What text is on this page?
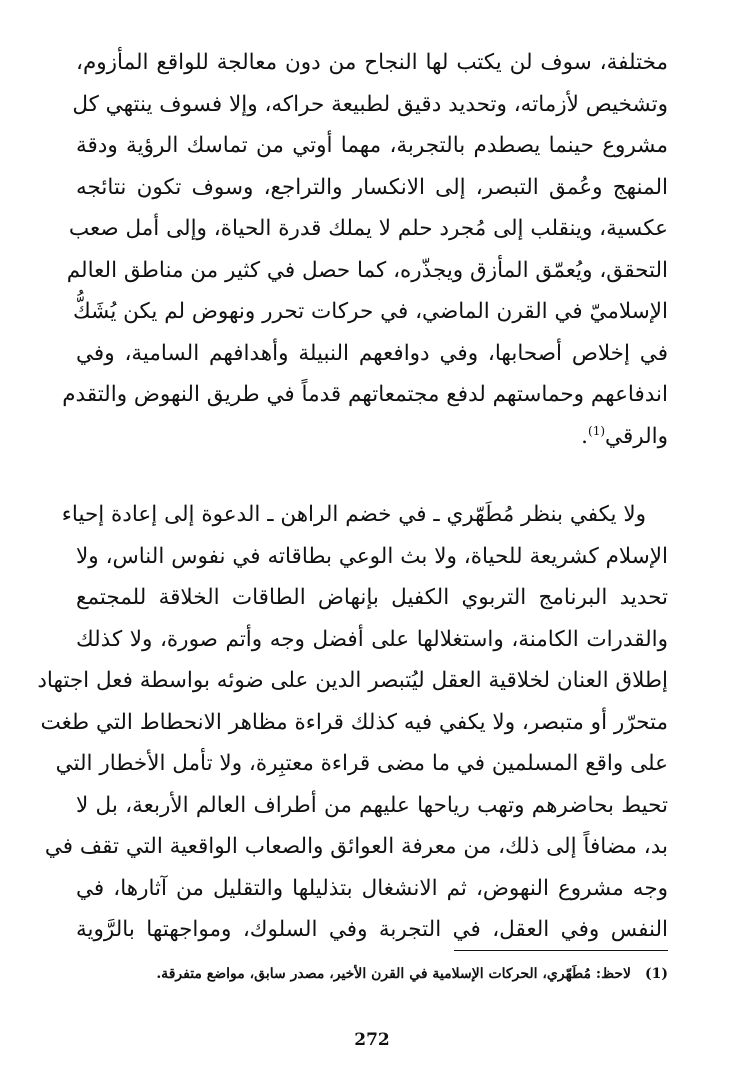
مختلفة، سوف لن يكتب لها النجاح من دون معالجة للواقع المأزوم،
وتشخيص لأزماته، وتحديد دقيق لطبيعة حراكه، وإلا فسوف ينتهي كل
مشروع حينما يصطدم بالتجربة، مهما أوتي من تماسك الرؤية ودقة
المنهج وعُمق التبصر، إلى الانكسار والتراجع، وسوف تكون نتائجه
عكسية، وينقلب إلى مُجرد حلم لا يملك قدرة الحياة، وإلى أمل صعب
التحقق، ويُعمّق المأزق ويجذّره، كما حصل في كثير من مناطق العالم
الإسلاميّ في القرن الماضي، في حركات تحرر ونهوض لم يكن يُشَكُّ
في إخلاص أصحابها، وفي دوافعهم النبيلة وأهدافهم السامية، وفي
اندفاعهم وحماستهم لدفع مجتمعاتهم قدماً في طريق النهوض والتقدم
والرقي$^{(1)}$.
ولا يكفي بنظر مُطَهّري ـ في خضم الراهن ـ الدعوة إلى إعادة إحياء
الإسلام كشريعة للحياة، ولا بث الوعي بطاقاته في نفوس الناس، ولا
تحديد البرنامج التربوي الكفيل بإنهاض الطاقات الخلاقة للمجتمع
والقدرات الكامنة، واستغلالها على أفضل وجه وأتم صورة، ولا كذلك
إطلاق العنان لخلاقية العقل ليُتبصر الدين على ضوئه بواسطة فعل اجتهاد
متحرّر أو متبصر، ولا يكفي فيه كذلك قراءة مظاهر الانحطاط التي طغت
على واقع المسلمين في ما مضى قراءة معتبِرة، ولا تأمل الأخطار التي
تحيط بحاضرهم وتهب رياحها عليهم من أطراف العالم الأربعة، بل لا
بد، مضافاً إلى ذلك، من معرفة العوائق والصعاب الواقعية التي تقف في
وجه مشروع النهوض، ثم الانشغال بتذليلها والتقليل من آثارها، في
النفس وفي العقل، في التجربة وفي السلوك، ومواجهتها بالرَّوية
(1)لاحظ: مُطَهّري، الحركات الإسلامية في القرن الأخير، مصدر سابق، مواضع متفرقة.
272
